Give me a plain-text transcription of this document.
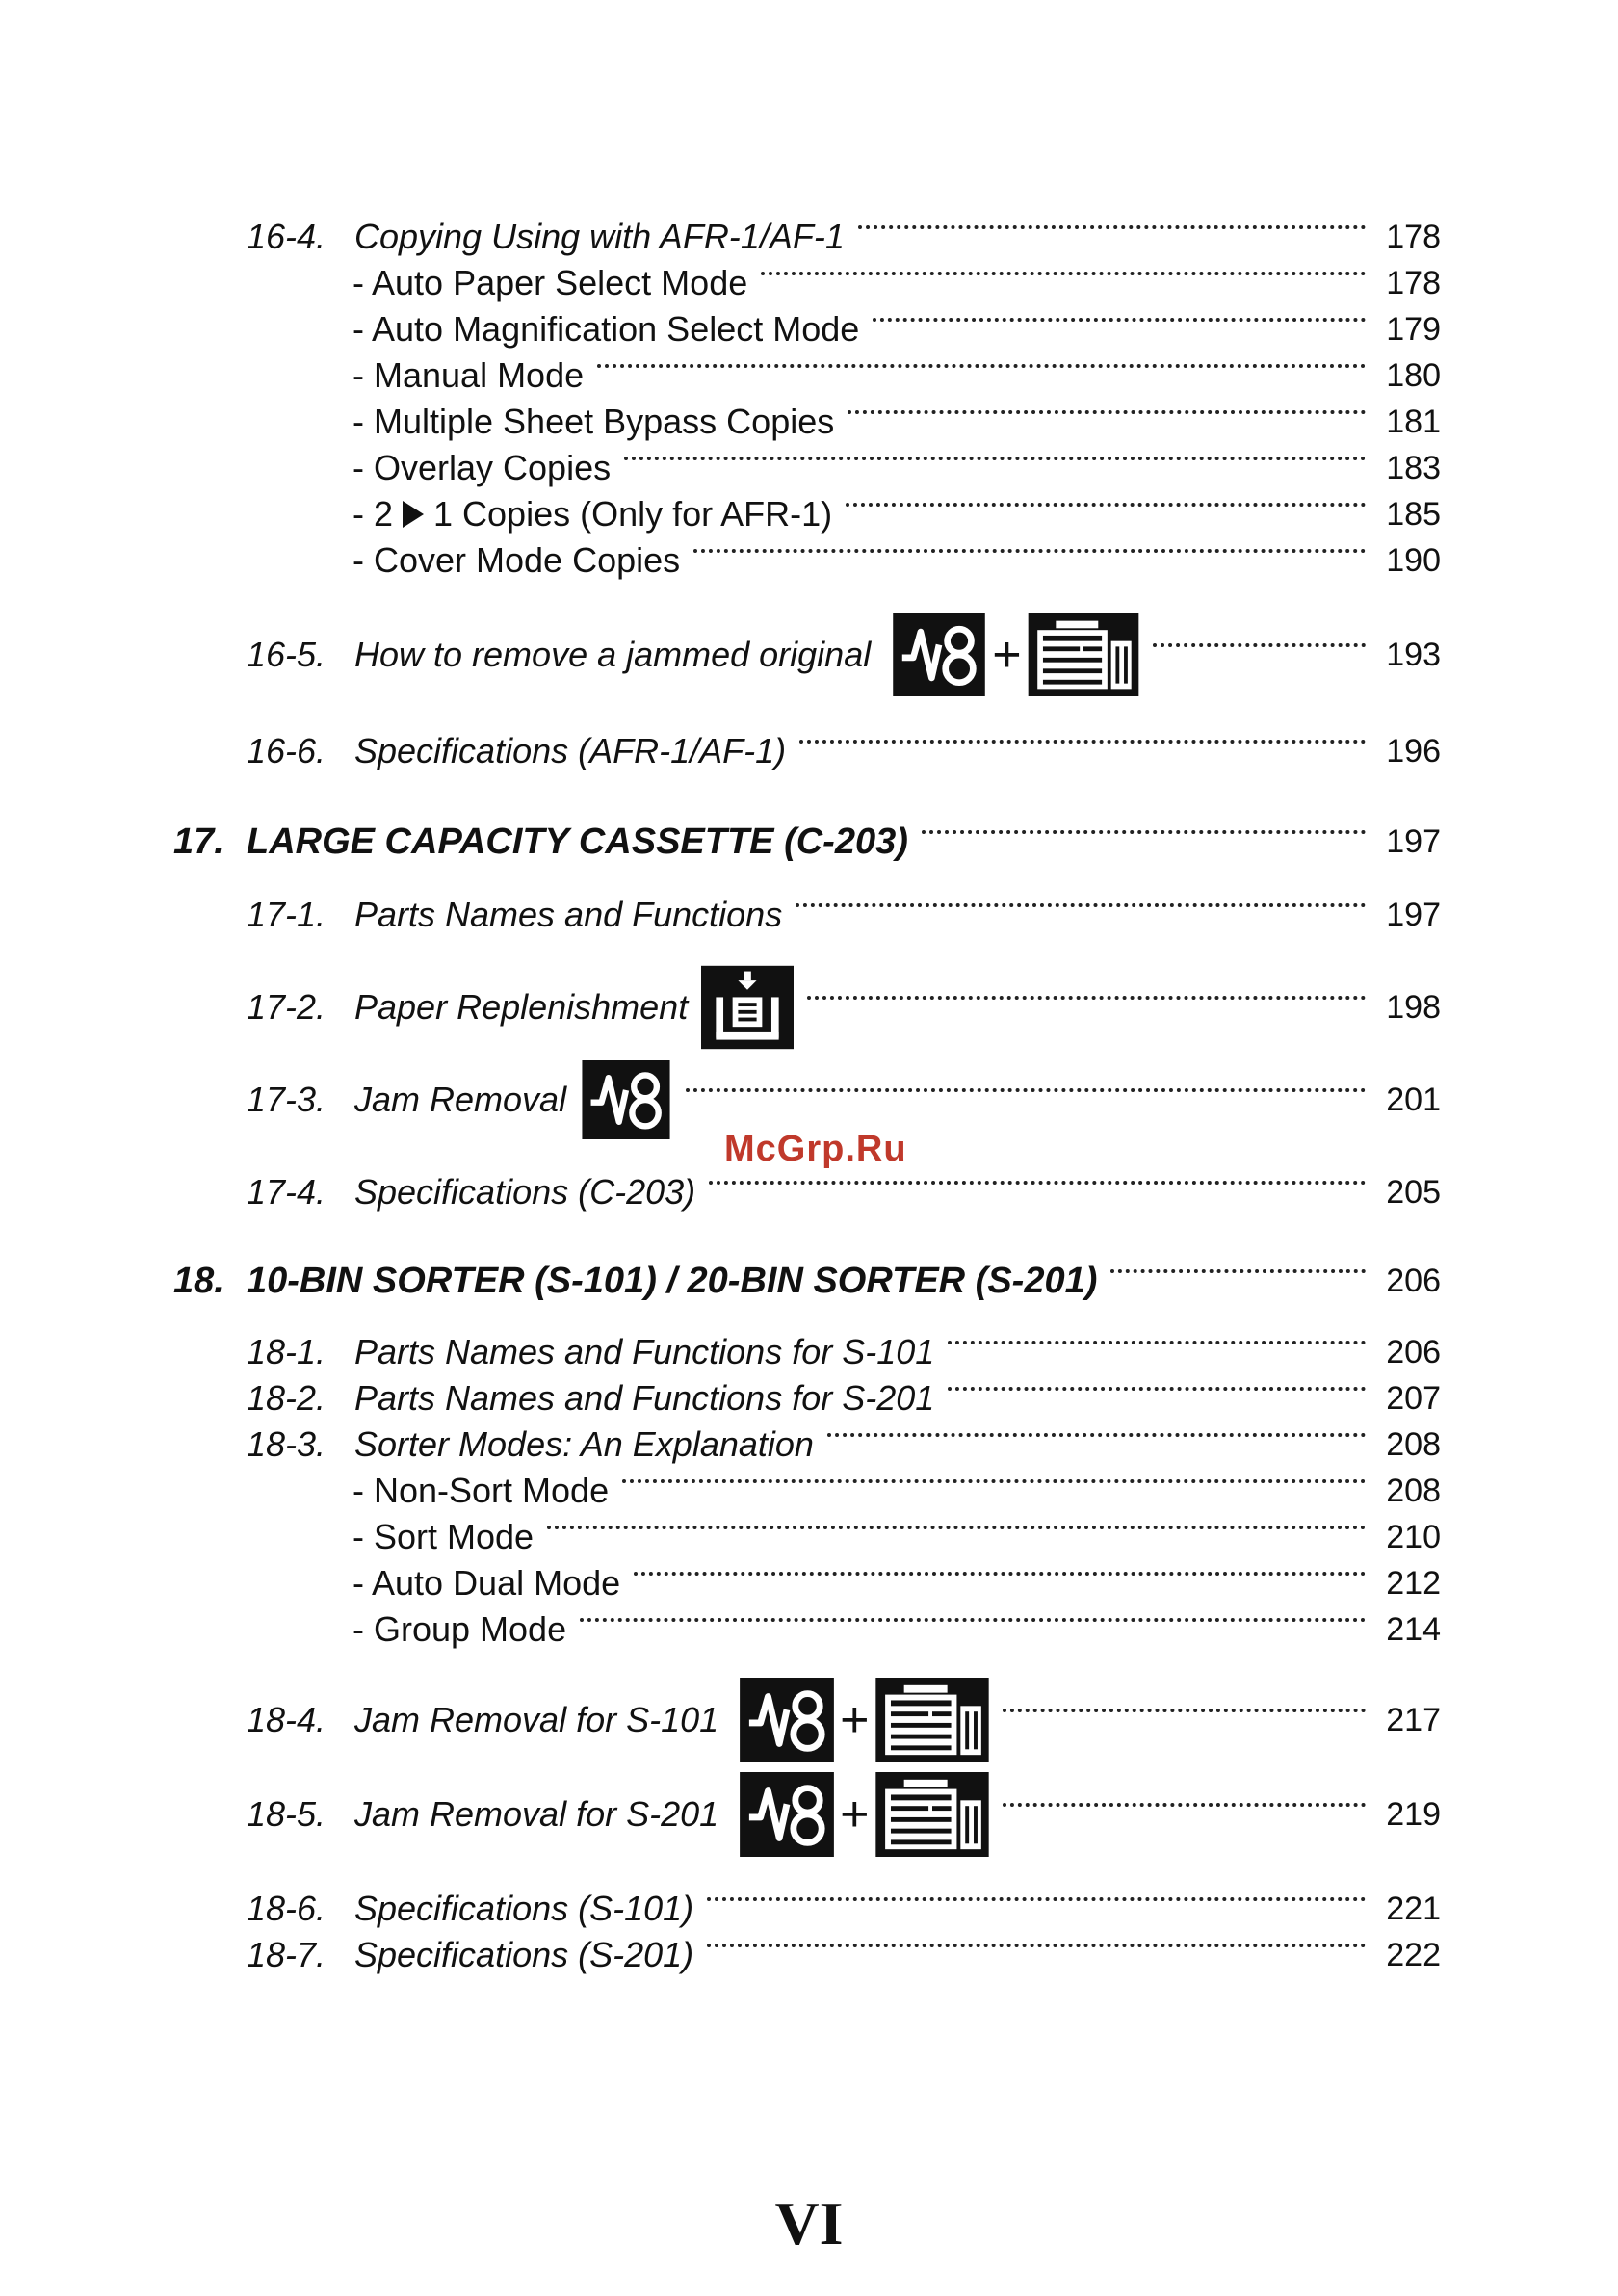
16-4. Copying Using with AFR-1/AF-1	178
- Auto Paper Select Mode	178
- Auto Magnification Select Mode	179
- Manual Mode	180
- Multiple Sheet Bypass Copies	181
- Overlay Copies	183
- 2 1 Copies (Only for AFR-1)	185
- Cover Mode Copies	190
16-5. How to remove a jammed original +	193
16-6. Specifications (AFR-1/AF-1)	196
17. LARGE CAPACITY CASSETTE (C-203)	197
17-1. Parts Names and Functions	197
17-2. Paper Replenishment	198
17-3. Jam Removal	201
McGrp.Ru
17-4. Specifications (C-203)	205
18. 10-BIN SORTER (S-101) / 20-BIN SORTER (S-201)	206
18-1. Parts Names and Functions for S-101	206
18-2. Parts Names and Functions for S-201	207
18-3. Sorter Modes: An Explanation	208
- Non-Sort Mode	208
- Sort Mode	210
- Auto Dual Mode	212
- Group Mode	214
18-4. Jam Removal for S-101 +	217
18-5. Jam Removal for S-201 +	219
18-6. Specifications (S-101)	221
18-7. Specifications (S-201)	222
VI
